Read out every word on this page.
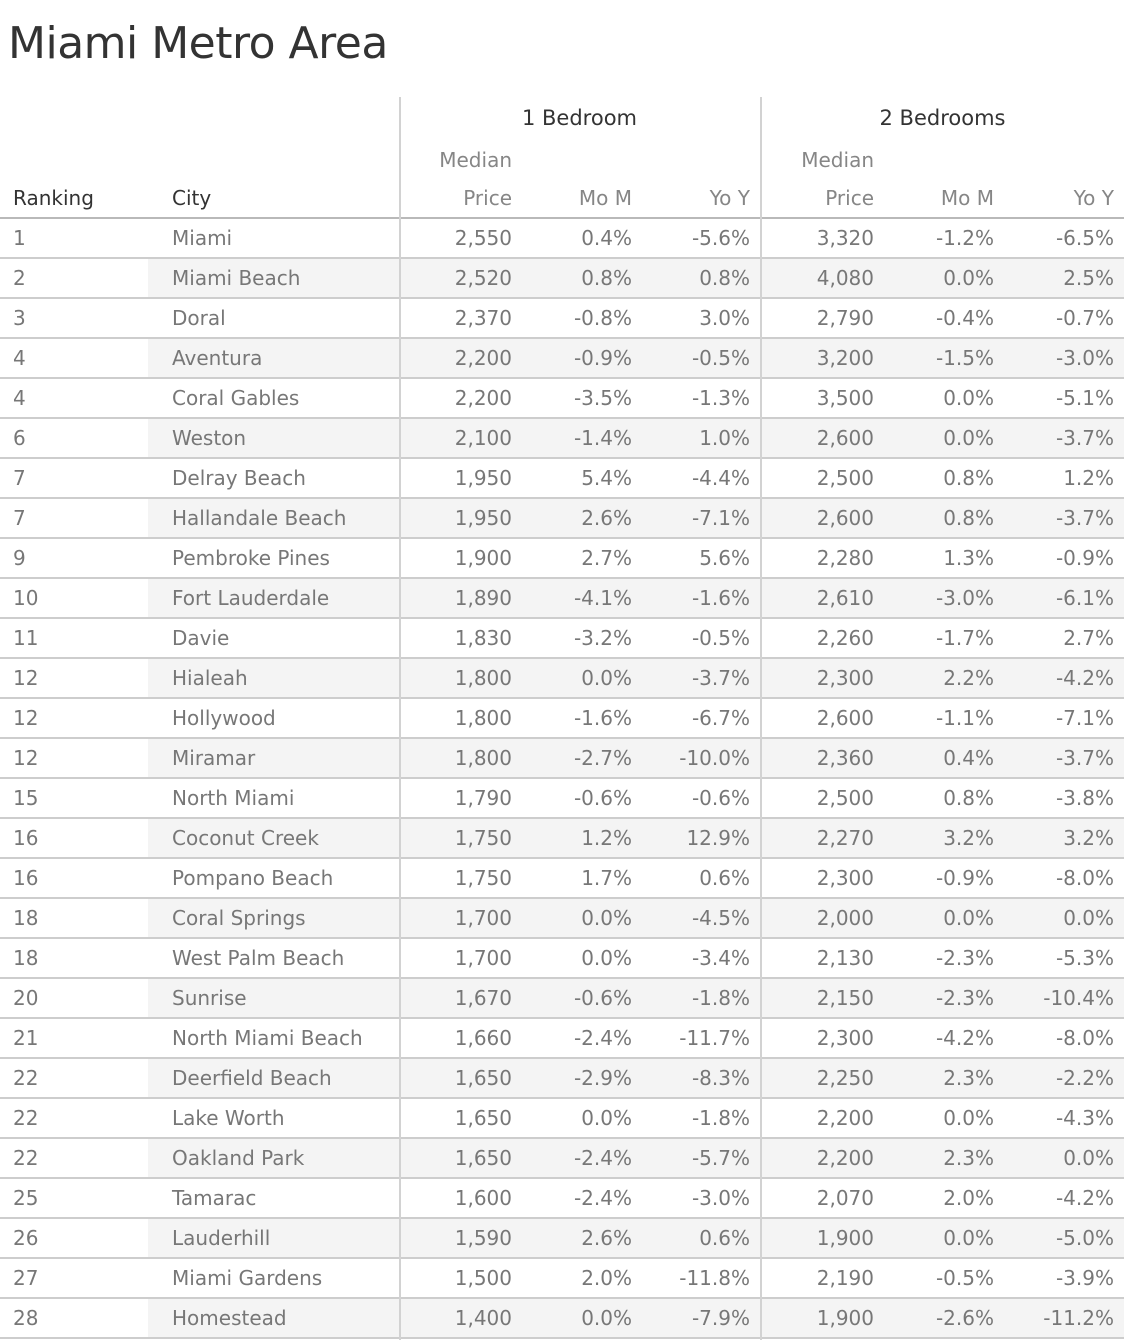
Miami Metro Area
1 Bedroom	2 Bedrooms
Median	Median
Ranking	City	Price	Mo M	Yo Y	Price	Mo M	Yo Y
1	Miami	2,550	0.4%	-5.6%	3,320	-1.2%	-6.5%
2	Miami Beach	2,520	0.8%	0.8%	4,080	0.0%	2.5%
3	Doral	2,370	-0.8%	3.0%	2,790	-0.4%	-0.7%
4	Aventura	2,200	-0.9%	-0.5%	3,200	-1.5%	-3.0%
4	Coral Gables	2,200	-3.5%	-1.3%	3,500	0.0%	-5.1%
6	Weston	2,100	-1.4%	1.0%	2,600	0.0%	-3.7%
7	Delray Beach	1,950	5.4%	-4.4%	2,500	0.8%	1.2%
7	Hallandale Beach	1,950	2.6%	-7.1%	2,600	0.8%	-3.7%
9	Pembroke Pines	1,900	2.7%	5.6%	2,280	1.3%	-0.9%
10	Fort Lauderdale	1,890	-4.1%	-1.6%	2,610	-3.0%	-6.1%
11	Davie	1,830	-3.2%	-0.5%	2,260	-1.7%	2.7%
12	Hialeah	1,800	0.0%	-3.7%	2,300	2.2%	-4.2%
12	Hollywood	1,800	-1.6%	-6.7%	2,600	-1.1%	-7.1%
12	Miramar	1,800	-2.7%	-10.0%	2,360	0.4%	-3.7%
15	North Miami	1,790	-0.6%	-0.6%	2,500	0.8%	-3.8%
16	Coconut Creek	1,750	1.2%	12.9%	2,270	3.2%	3.2%
16	Pompano Beach	1,750	1.7%	0.6%	2,300	-0.9%	-8.0%
18	Coral Springs	1,700	0.0%	-4.5%	2,000	0.0%	0.0%
18	West Palm Beach	1,700	0.0%	-3.4%	2,130	-2.3%	-5.3%
20	Sunrise	1,670	-0.6%	-1.8%	2,150	-2.3%	-10.4%
21	North Miami Beach	1,660	-2.4%	-11.7%	2,300	-4.2%	-8.0%
22	Deerfield Beach	1,650	-2.9%	-8.3%	2,250	2.3%	-2.2%
22	Lake Worth	1,650	0.0%	-1.8%	2,200	0.0%	-4.3%
22	Oakland Park	1,650	-2.4%	-5.7%	2,200	2.3%	0.0%
25	Tamarac	1,600	-2.4%	-3.0%	2,070	2.0%	-4.2%
26	Lauderhill	1,590	2.6%	0.6%	1,900	0.0%	-5.0%
27	Miami Gardens	1,500	2.0%	-11.8%	2,190	-0.5%	-3.9%
28	Homestead	1,400	0.0%	-7.9%	1,900	-2.6%	-11.2%
